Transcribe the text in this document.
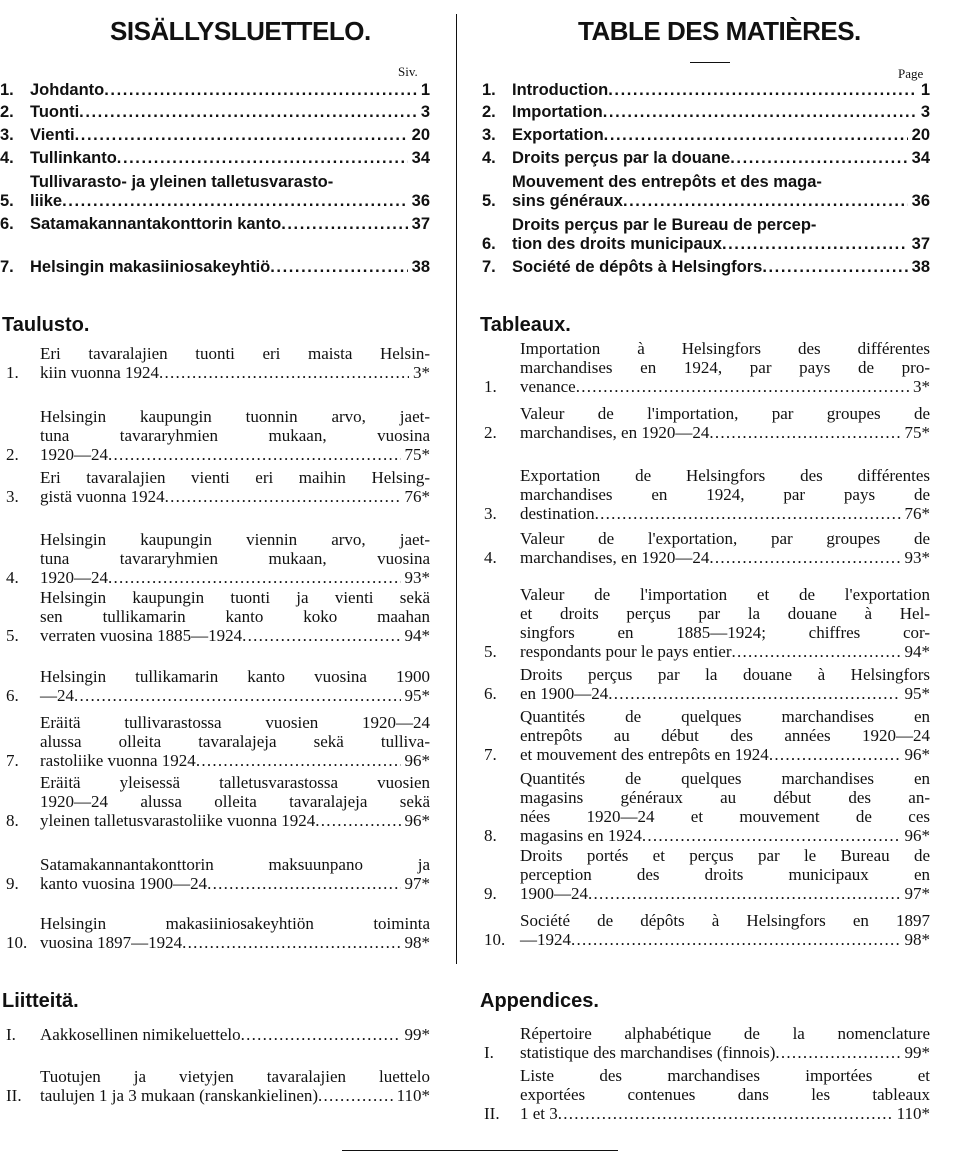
SISÄLLYSLUETTELO.
Siv.
1. Johdanto . . .	1
2. Tuonti . . .	3
3. Vienti . . .	20
4. Tullinkanto . . .	34
5.
Tullivarasto- ja yleinen talletusvarasto-
liike . . .	36
6. Satamakannantakonttorin kanto . . .	37
7. Helsingin makasiiniosakeyhtiö . . .	38
Taulusto.
1.
Eri tavaralajien tuonti eri maista Helsin-
kiin vuonna 1924 . . .	3*
2.
Helsingin kaupungin tuonnin arvo, jaet-
tuna tavararyhmien mukaan, vuosina
1920—24 . . .	75*
3.
Eri tavaralajien vienti eri maihin Helsing-
gistä vuonna 1924 . . .	76*
4.
Helsingin kaupungin viennin arvo, jaet-
tuna tavararyhmien mukaan, vuosina
1920—24 . . .	93*
5.
Helsingin kaupungin tuonti ja vienti sekä
sen tullikamarin kanto koko maahan
verraten vuosina 1885—1924 . . .	94*
6.
Helsingin tullikamarin kanto vuosina 1900
—24 . . .	95*
7.
Eräitä tullivarastossa vuosien 1920—24
alussa olleita tavaralajeja sekä tulliva-
rastoliike vuonna 1924 . . .	96*
8.
Eräitä yleisessä talletusvarastossa vuosien
1920—24 alussa olleita tavaralajeja sekä
yleinen talletusvarastoliike vuonna 1924 . . .	96*
9.
Satamakannantakonttorin maksuunpano ja
kanto vuosina 1900—24 . . .	97*
10.
Helsingin makasiiniosakeyhtiön toiminta
vuosina 1897—1924 . . .	98*
Liitteitä.
I.	Aakkosellinen nimikeluettelo . . .	99*
II.
Tuotujen ja vietyjen tavaralajien luettelo
taulujen 1 ja 3 mukaan (ranskankielinen) . . .	110*
TABLE DES MATIÈRES.
Page
1. Introduction . . .	1
2. Importation . . .	3
3. Exportation . . .	20
4. Droits perçus par la douane . . .	34
5.
Mouvement des entrepôts et des maga-
sins généraux . . .	36
6.
Droits perçus par le Bureau de percep-
tion des droits municipaux . . .	37
7. Société de dépôts à Helsingfors . . .	38
Tableaux.
1.
Importation à Helsingfors des différentes
marchandises en 1924, par pays de pro-
venance . . .	3*
2.
Valeur de l'importation, par groupes de
marchandises, en 1920—24 . . .	75*
3.
Exportation de Helsingfors des différentes
marchandises en 1924, par pays de
destination . . .	76*
4.
Valeur de l'exportation, par groupes de
marchandises, en 1920—24 . . .	93*
5.
Valeur de l'importation et de l'exportation
et droits perçus par la douane à Hel-
singfors en 1885—1924; chiffres cor-
respondants pour le pays entier . . .	94*
6.
Droits perçus par la douane à Helsingfors
en 1900—24 . . .	95*
7.
Quantités de quelques marchandises en
entrepôts au début des années 1920—24
et mouvement des entrepôts en 1924 . . .	96*
8.
Quantités de quelques marchandises en
magasins généraux au début des an-
nées 1920—24 et mouvement de ces
magasins en 1924 . . .	96*
9.
Droits portés et perçus par le Bureau de
perception des droits municipaux en
1900—24 . . .	97*
10.
Société de dépôts à Helsingfors en 1897
—1924 . . .	98*
Appendices.
I.
Répertoire alphabétique de la nomenclature
statistique des marchandises (finnois) . . .	99*
II.
Liste des marchandises importées et
exportées contenues dans les tableaux
1 et 3 . . .	110*
